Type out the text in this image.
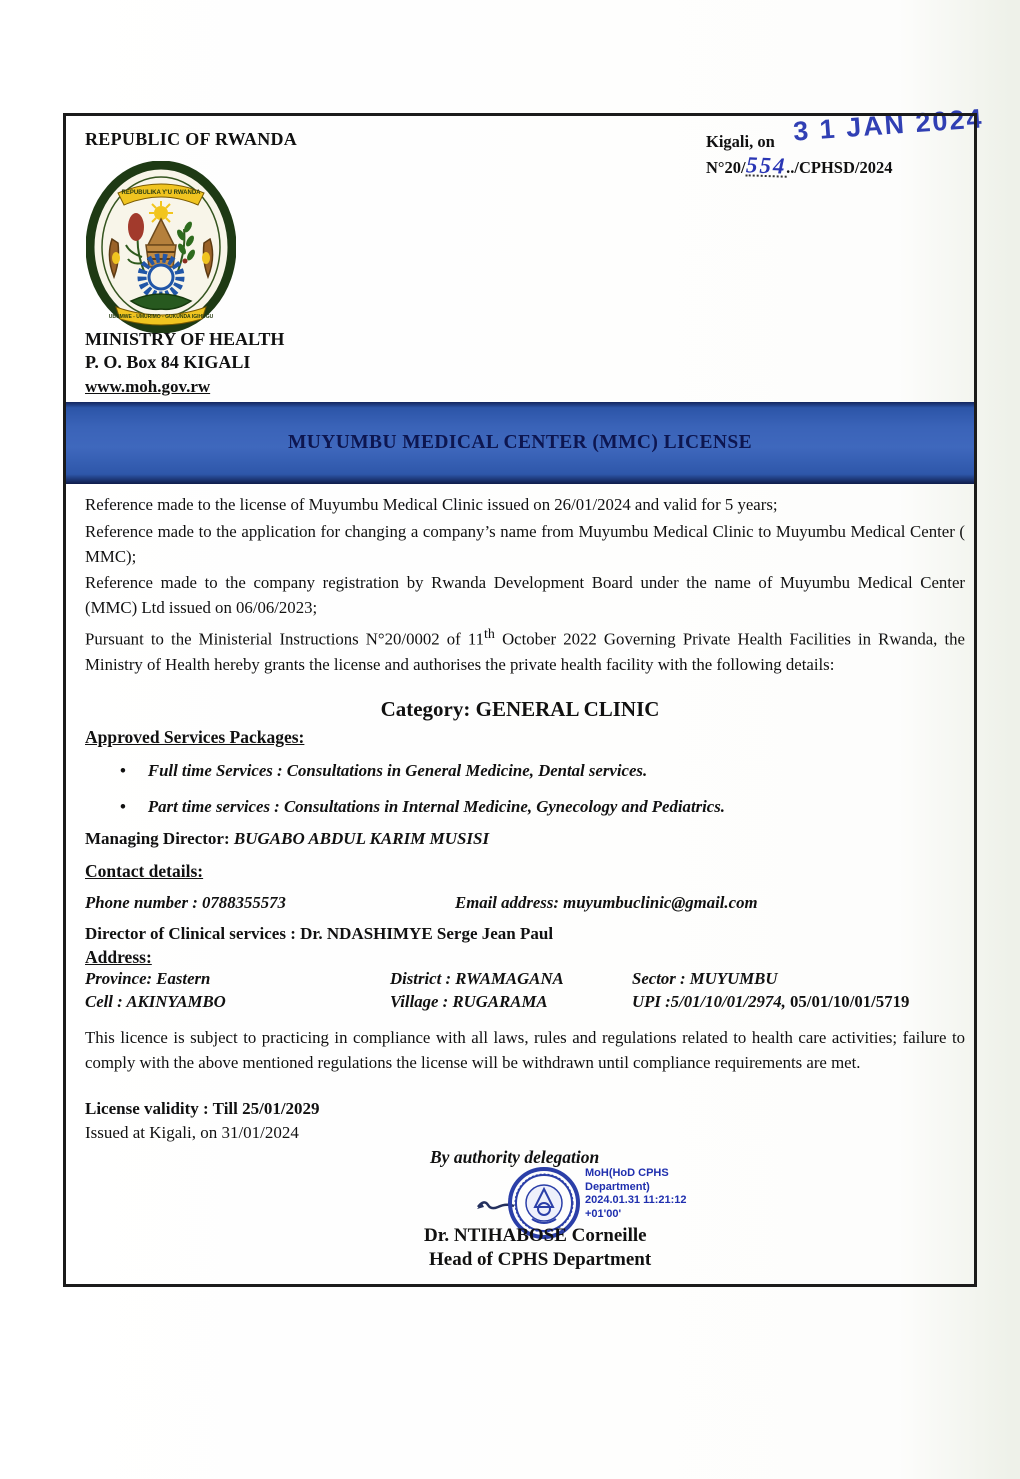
3 1 JAN 2024
REPUBLIC OF RWANDA	Kigali, on
N°20/554../CPHSD/2024
REPUBULIKA Y'U RWANDA
UBUMWE - UMURIMO - GUKUNDA IGIHUGU
MINISTRY OF HEALTH
P. O. Box 84 KIGALI
www.moh.gov.rw
MUYUMBU MEDICAL CENTER (MMC) LICENSE
Reference made to the license of Muyumbu Medical Clinic issued on 26/01/2024 and valid for 5 years;
Reference made to the application for changing a company’s name from Muyumbu Medical Clinic to Muyumbu Medical Center ( MMC);
Reference made to the company registration by Rwanda Development Board under the name of Muyumbu Medical Center (MMC) Ltd issued on 06/06/2023;
Pursuant to the Ministerial Instructions N°20/0002 of 11th October 2022 Governing Private Health Facilities in Rwanda, the Ministry of Health hereby grants the license and authorises the private health facility with the following details:
Category: GENERAL CLINIC
Approved Services Packages:
• Full time Services : Consultations in General Medicine, Dental services.
• Part time services : Consultations in Internal Medicine, Gynecology and Pediatrics.
Managing Director: BUGABO ABDUL KARIM MUSISI
Contact details:
Phone number : 0788355573	Email address: muyumbuclinic@gmail.com
Director of Clinical services : Dr. NDASHIMYE Serge Jean Paul
Address:
Province: Eastern	District : RWAMAGANA	Sector : MUYUMBU
Cell : AKINYAMBO	Village : RUGARAMA	UPI :5/01/10/01/2974, 05/01/10/01/5719
This licence is subject to practicing in compliance with all laws, rules and regulations related to health care activities; failure to comply with the above mentioned regulations the license will be withdrawn until compliance requirements are met.
License validity : Till 25/01/2029
Issued at Kigali, on 31/01/2024
By authority delegation
MoH(HoD CPHS
Department)
2024.01.31 11:21:12
+01'00'
Dr. NTIHABOSE Corneille
Head of CPHS Department
